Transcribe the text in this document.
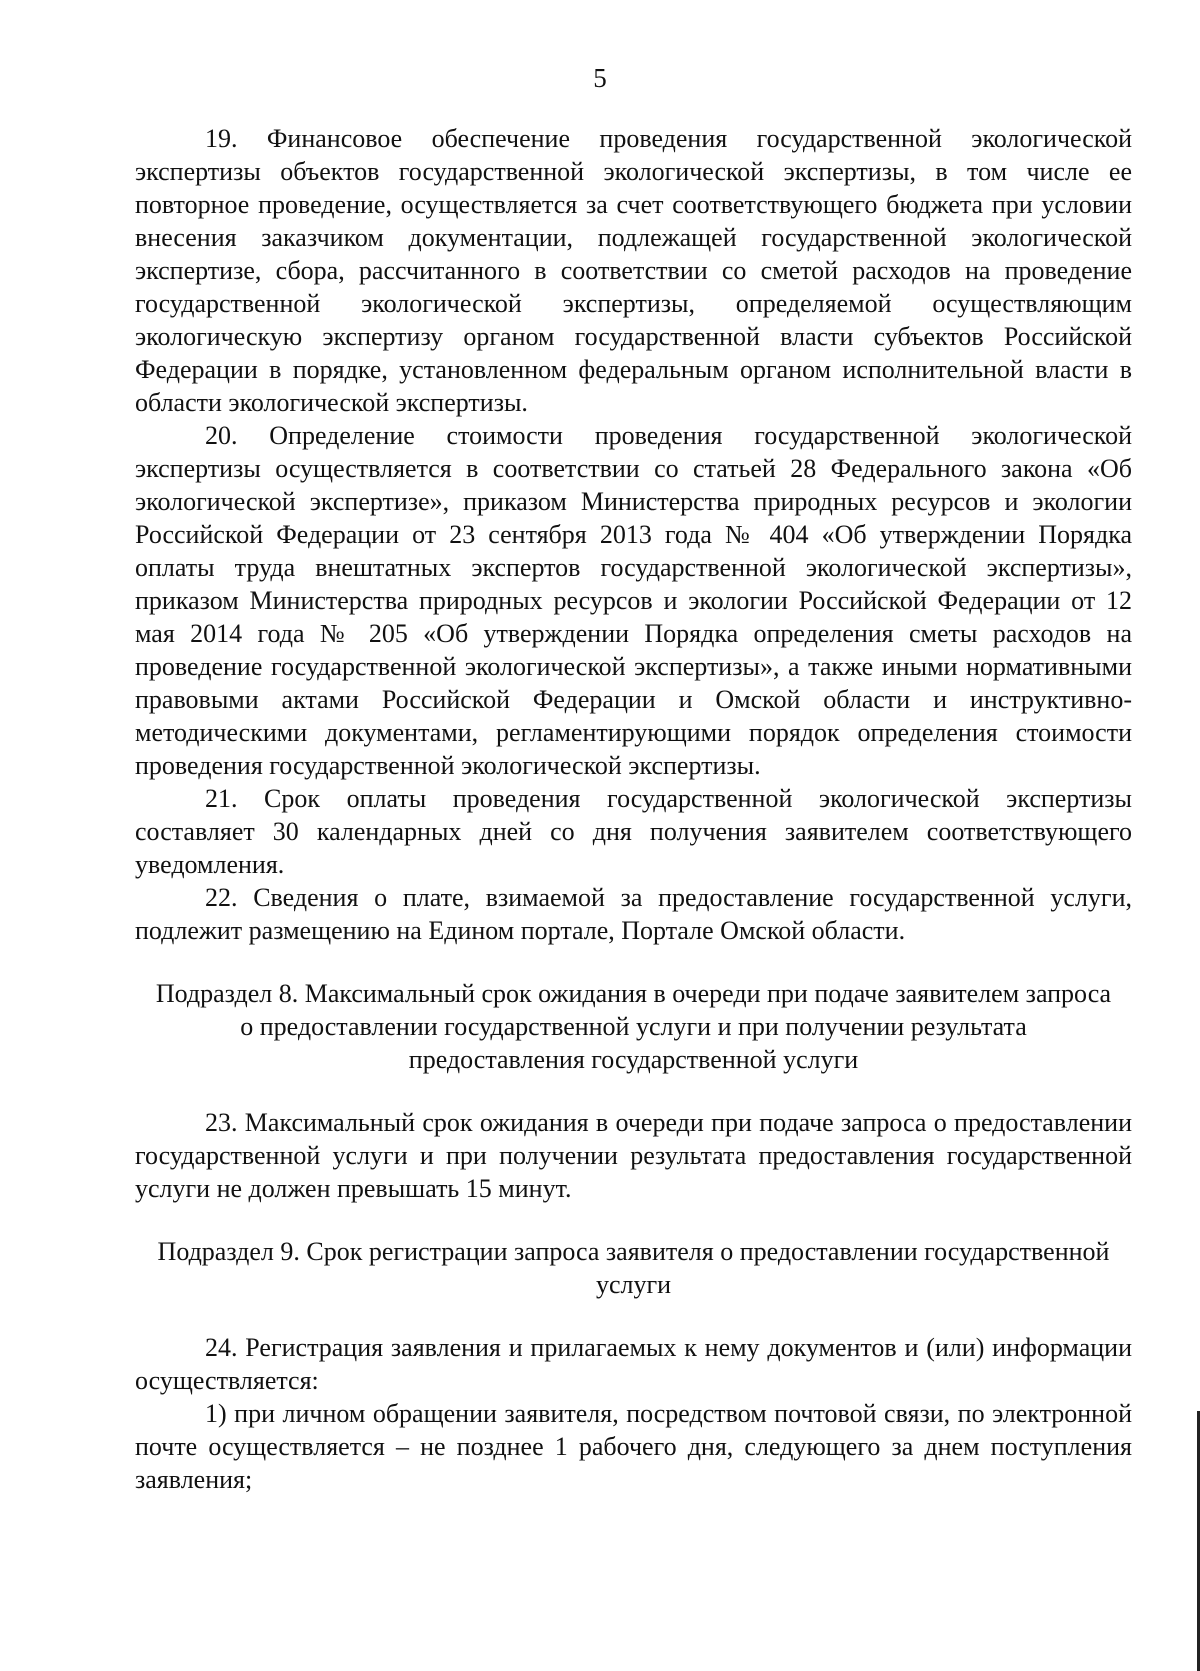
5

19. Финансовое обеспечение проведения государственной экологической экспертизы объектов государственной экологической экспертизы, в том числе ее повторное проведение, осуществляется за счет соответствующего бюджета при условии внесения заказчиком документации, подлежащей государственной экологической экспертизе, сбора, рассчитанного в соответствии со сметой расходов на проведение государственной экологической экспертизы, определяемой осуществляющим экологическую экспертизу органом государственной власти субъектов Российской Федерации в порядке, установленном федеральным органом исполнительной власти в области экологической экспертизы.

20. Определение стоимости проведения государственной экологической экспертизы осуществляется в соответствии со статьей 28 Федерального закона «Об экологической экспертизе», приказом Министерства природных ресурсов и экологии Российской Федерации от 23 сентября 2013 года № 404 «Об утверждении Порядка оплаты труда внештатных экспертов государственной экологической экспертизы», приказом Министерства природных ресурсов и экологии Российской Федерации от 12 мая 2014 года № 205 «Об утверждении Порядка определения сметы расходов на проведение государственной экологической экспертизы», а также иными нормативными правовыми актами Российской Федерации и Омской области и инструктивно-методическими документами, регламентирующими порядок определения стоимости проведения государственной экологической экспертизы.

21. Срок оплаты проведения государственной экологической экспертизы составляет 30 календарных дней со дня получения заявителем соответствующего уведомления.

22. Сведения о плате, взимаемой за предоставление государственной услуги, подлежит размещению на Едином портале, Портале Омской области.

Подраздел 8. Максимальный срок ожидания в очереди при подаче заявителем запроса о предоставлении государственной услуги и при получении результата предоставления государственной услуги

23. Максимальный срок ожидания в очереди при подаче запроса о предоставлении государственной услуги и при получении результата предоставления государственной услуги не должен превышать 15 минут.

Подраздел 9. Срок регистрации запроса заявителя о предоставлении государственной услуги

24. Регистрация заявления и прилагаемых к нему документов и (или) информации осуществляется:

1) при личном обращении заявителя, посредством почтовой связи, по электронной почте осуществляется – не позднее 1 рабочего дня, следующего за днем поступления заявления;
